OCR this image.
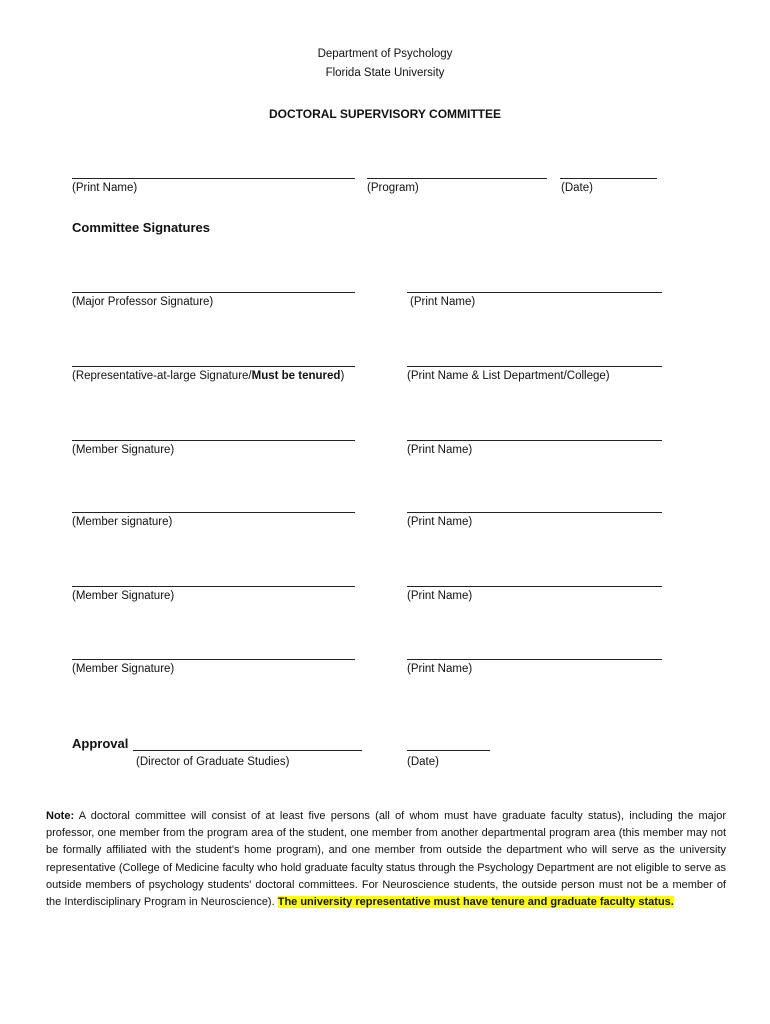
Department of Psychology
Florida State University
DOCTORAL SUPERVISORY COMMITTEE
(Print Name)	(Program)	(Date)
Committee Signatures
(Major Professor Signature)	(Print Name)
(Representative-at-large Signature/Must be tenured)	(Print Name & List Department/College)
(Member Signature)	(Print Name)
(Member signature)	(Print Name)
(Member Signature)	(Print Name)
(Member Signature)	(Print Name)
Approval
(Director of Graduate Studies)	(Date)
Note: A doctoral committee will consist of at least five persons (all of whom must have graduate faculty status), including the major professor, one member from the program area of the student, one member from another departmental program area (this member may not be formally affiliated with the student's home program), and one member from outside the department who will serve as the university representative (College of Medicine faculty who hold graduate faculty status through the Psychology Department are not eligible to serve as outside members of psychology students' doctoral committees. For Neuroscience students, the outside person must not be a member of the Interdisciplinary Program in Neuroscience). The university representative must have tenure and graduate faculty status.
